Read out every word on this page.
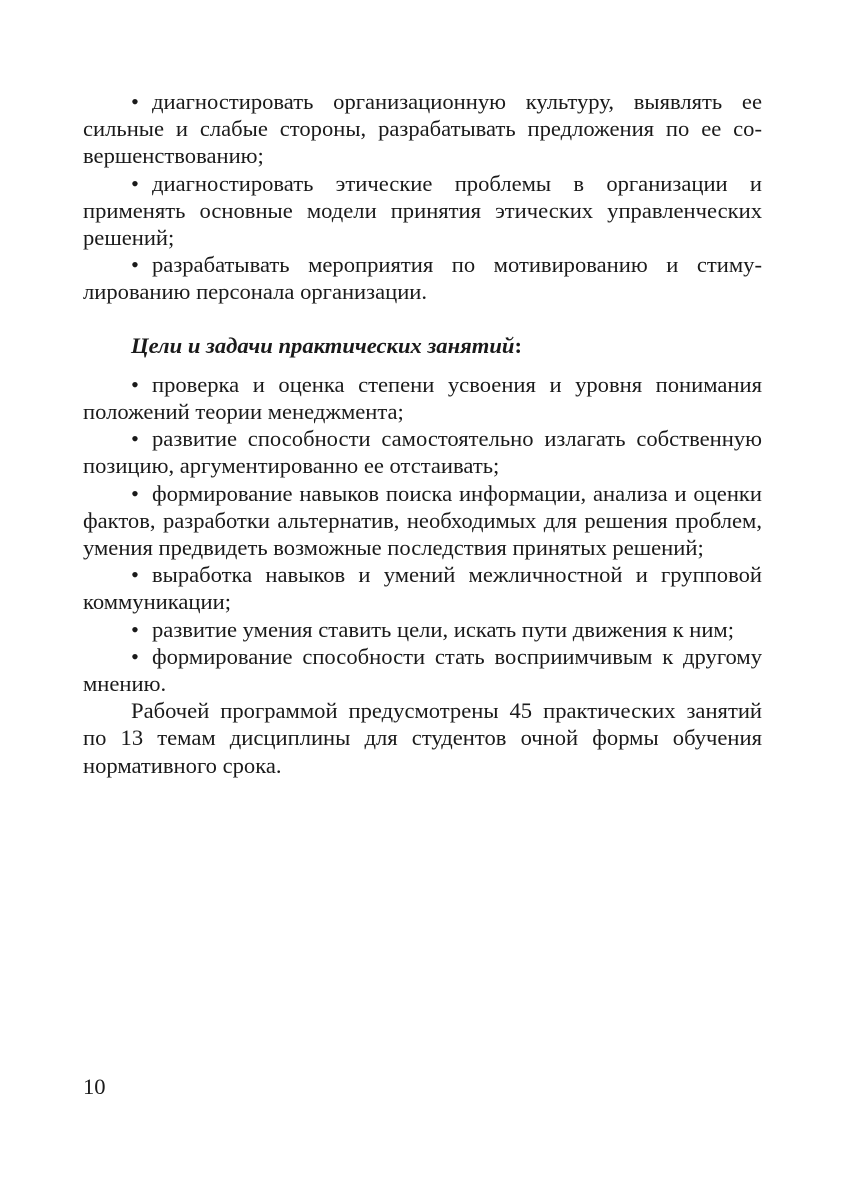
• диагностировать организационную культуру, выявлять ее сильные и слабые стороны, разрабатывать предложения по ее совершенствованию;

• диагностировать этические проблемы в организации и применять основные модели принятия этических управленческих решений;

• разрабатывать мероприятия по мотивированию и стимулированию персонала организации.

Цели и задачи практических занятий:

• проверка и оценка степени усвоения и уровня понимания положений теории менеджмента;

• развитие способности самостоятельно излагать собственную позицию, аргументированно ее отстаивать;

• формирование навыков поиска информации, анализа и оценки фактов, разработки альтернатив, необходимых для решения проблем, умения предвидеть возможные последствия принятых решений;

• выработка навыков и умений межличностной и групповой коммуникации;

• развитие умения ставить цели, искать пути движения к ним;

• формирование способности стать восприимчивым к другому мнению.

Рабочей программой предусмотрены 45 практических занятий по 13 темам дисциплины для студентов очной формы обучения нормативного срока.

10
